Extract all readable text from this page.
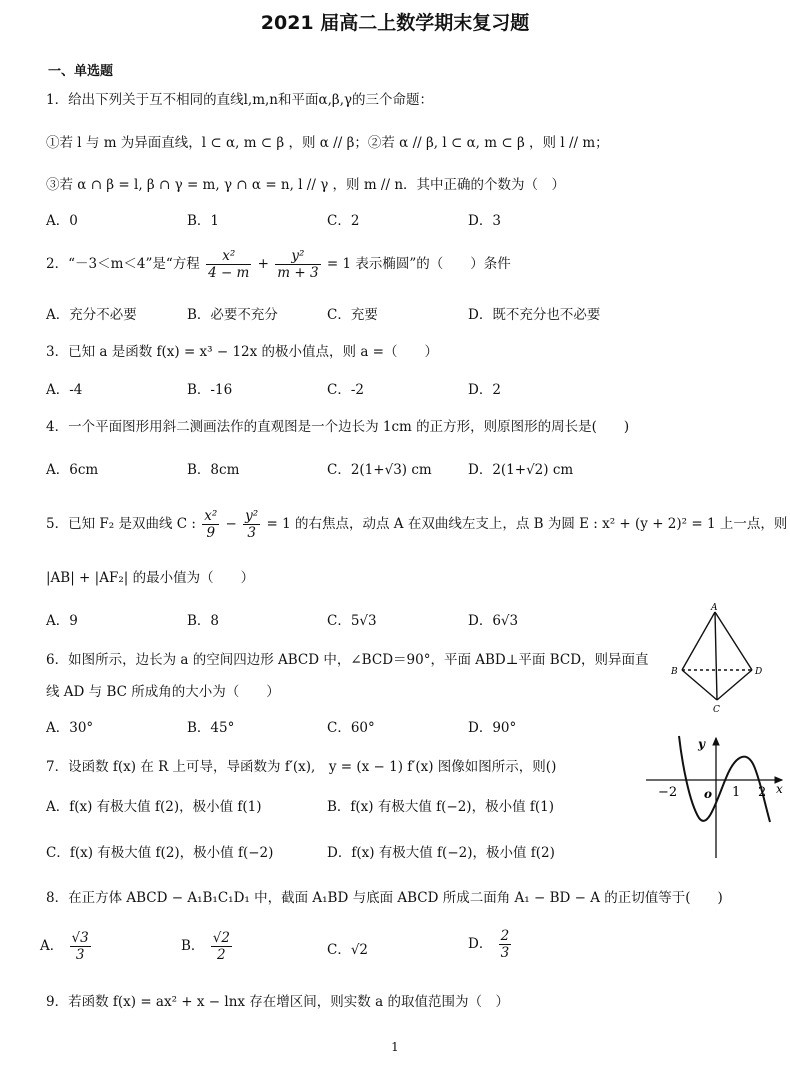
2021 届高二上数学期末复习题
一、单选题
1．给出下列关于互不相同的直线l,m,n和平面α,β,γ的三个命题：
①若 l 与 m 为异面直线，l ⊂ α, m ⊂ β ，则 α // β；②若 α // β, l ⊂ α, m ⊂ β ，则 l // m；
③若 α ∩ β = l, β ∩ γ = m, γ ∩ α = n, l // γ ，则 m // n．其中正确的个数为（　）
A．0	B．1	C．2	D．3
2．“－3＜m＜4”是“方程 $\frac{\text{x²}}{4 - m} + \frac{\text{y²}}{m + 3} = 1$ 表示椭圆”的（　　）条件
A．充分不必要	B．必要不充分	C．充要	D．既不充分也不必要
3．已知 a 是函数 f(x) = x³ − 12x 的极小值点，则 a =（　　）
A．-4	B．-16	C．-2	D．2
4．一个平面图形用斜二测画法作的直观图是一个边长为 1cm 的正方形，则原图形的周长是(　　)
A．6cm	B．8cm	C．2(1+√3) cm	D．2(1+√2) cm
5．已知 F₂ 是双曲线 C : $\frac{\text{x²}}{9} - \frac{\text{y²}}{3} = 1$ 的右焦点，动点 A 在双曲线左支上，点 B 为圆 E : x² + (y + 2)² = 1 上一点，则
|AB| + |AF₂| 的最小值为（　　）
A．9	B．8	C．5√3	D．6√3
A
B
C
D
6．如图所示，边长为 a 的空间四边形 ABCD 中，∠BCD＝90°，平面 ABD⊥平面 BCD，则异面直
线 AD 与 BC 所成角的大小为（　　）
A．30°	B．45°	C．60°	D．90°
y
x
o
−2	1 2
7．设函数 f(x) 在 R 上可导，导函数为 f′(x),　y = (x − 1) f′(x) 图像如图所示，则()
A．f(x) 有极大值 f(2)，极小值 f(1)	B．f(x) 有极大值 f(−2)，极小值 f(1)
C．f(x) 有极大值 f(2)，极小值 f(−2)	D．f(x) 有极大值 f(−2)，极小值 f(2)
8．在正方体 ABCD − A₁B₁C₁D₁ 中，截面 A₁BD 与底面 ABCD 所成二面角 A₁ − BD − A 的正切值等于(　　)
A． $\frac{√3}{3}$	B． $\frac{√2}{2}$	C．√2	D． $\frac{2}{3}$
9．若函数 f(x) = ax² + x − lnx 存在增区间，则实数 a 的取值范围为（　）
1
